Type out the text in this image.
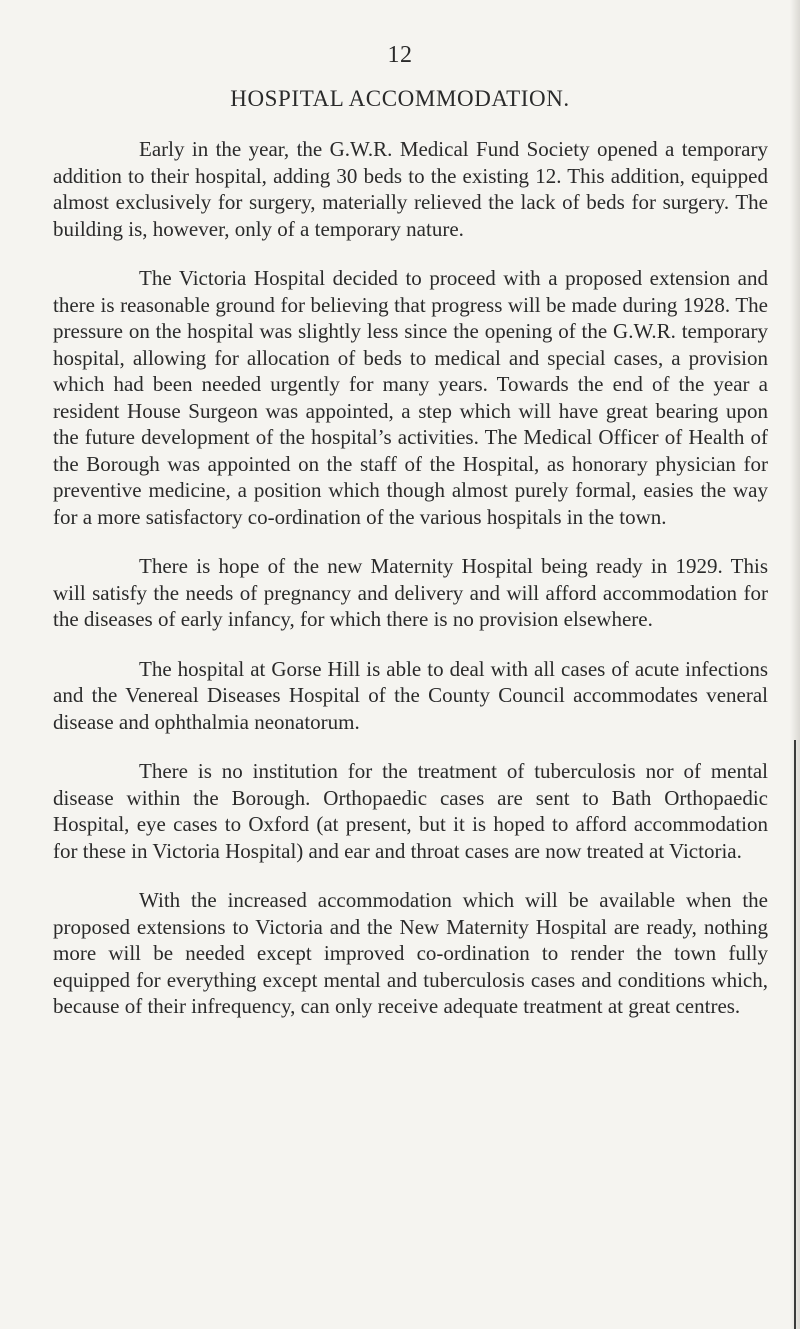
12
HOSPITAL ACCOMMODATION.

Early in the year, the G.W.R. Medical Fund Society opened a temporary addition to their hospital, adding 30 beds to the existing 12. This addition, equipped almost exclusively for surgery, materially relieved the lack of beds for surgery. The building is, however, only of a temporary nature.

The Victoria Hospital decided to proceed with a proposed extension and there is reasonable ground for believing that progress will be made during 1928. The pressure on the hospital was slightly less since the opening of the G.W.R. temporary hospital, allowing for allocation of beds to medical and special cases, a provision which had been needed urgently for many years. Towards the end of the year a resident House Surgeon was appointed, a step which will have great bearing upon the future development of the hospital’s activities. The Medical Officer of Health of the Borough was appointed on the staff of the Hospital, as honorary physician for preventive medicine, a position which though almost purely formal, easies the way for a more satisfactory co-ordination of the various hospitals in the town.

There is hope of the new Maternity Hospital being ready in 1929. This will satisfy the needs of pregnancy and delivery and will afford accommodation for the diseases of early infancy, for which there is no provision elsewhere.

The hospital at Gorse Hill is able to deal with all cases of acute infections and the Venereal Diseases Hospital of the County Council accommodates veneral disease and ophthalmia neonatorum.

There is no institution for the treatment of tuberculosis nor of mental disease within the Borough. Orthopaedic cases are sent to Bath Orthopaedic Hospital, eye cases to Oxford (at present, but it is hoped to afford accommodation for these in Victoria Hospital) and ear and throat cases are now treated at Victoria.

With the increased accommodation which will be available when the proposed extensions to Victoria and the New Maternity Hospital are ready, nothing more will be needed except improved co-ordination to render the town fully equipped for everything except mental and tuberculosis cases and conditions which, because of their infrequency, can only receive adequate treatment at great centres.
